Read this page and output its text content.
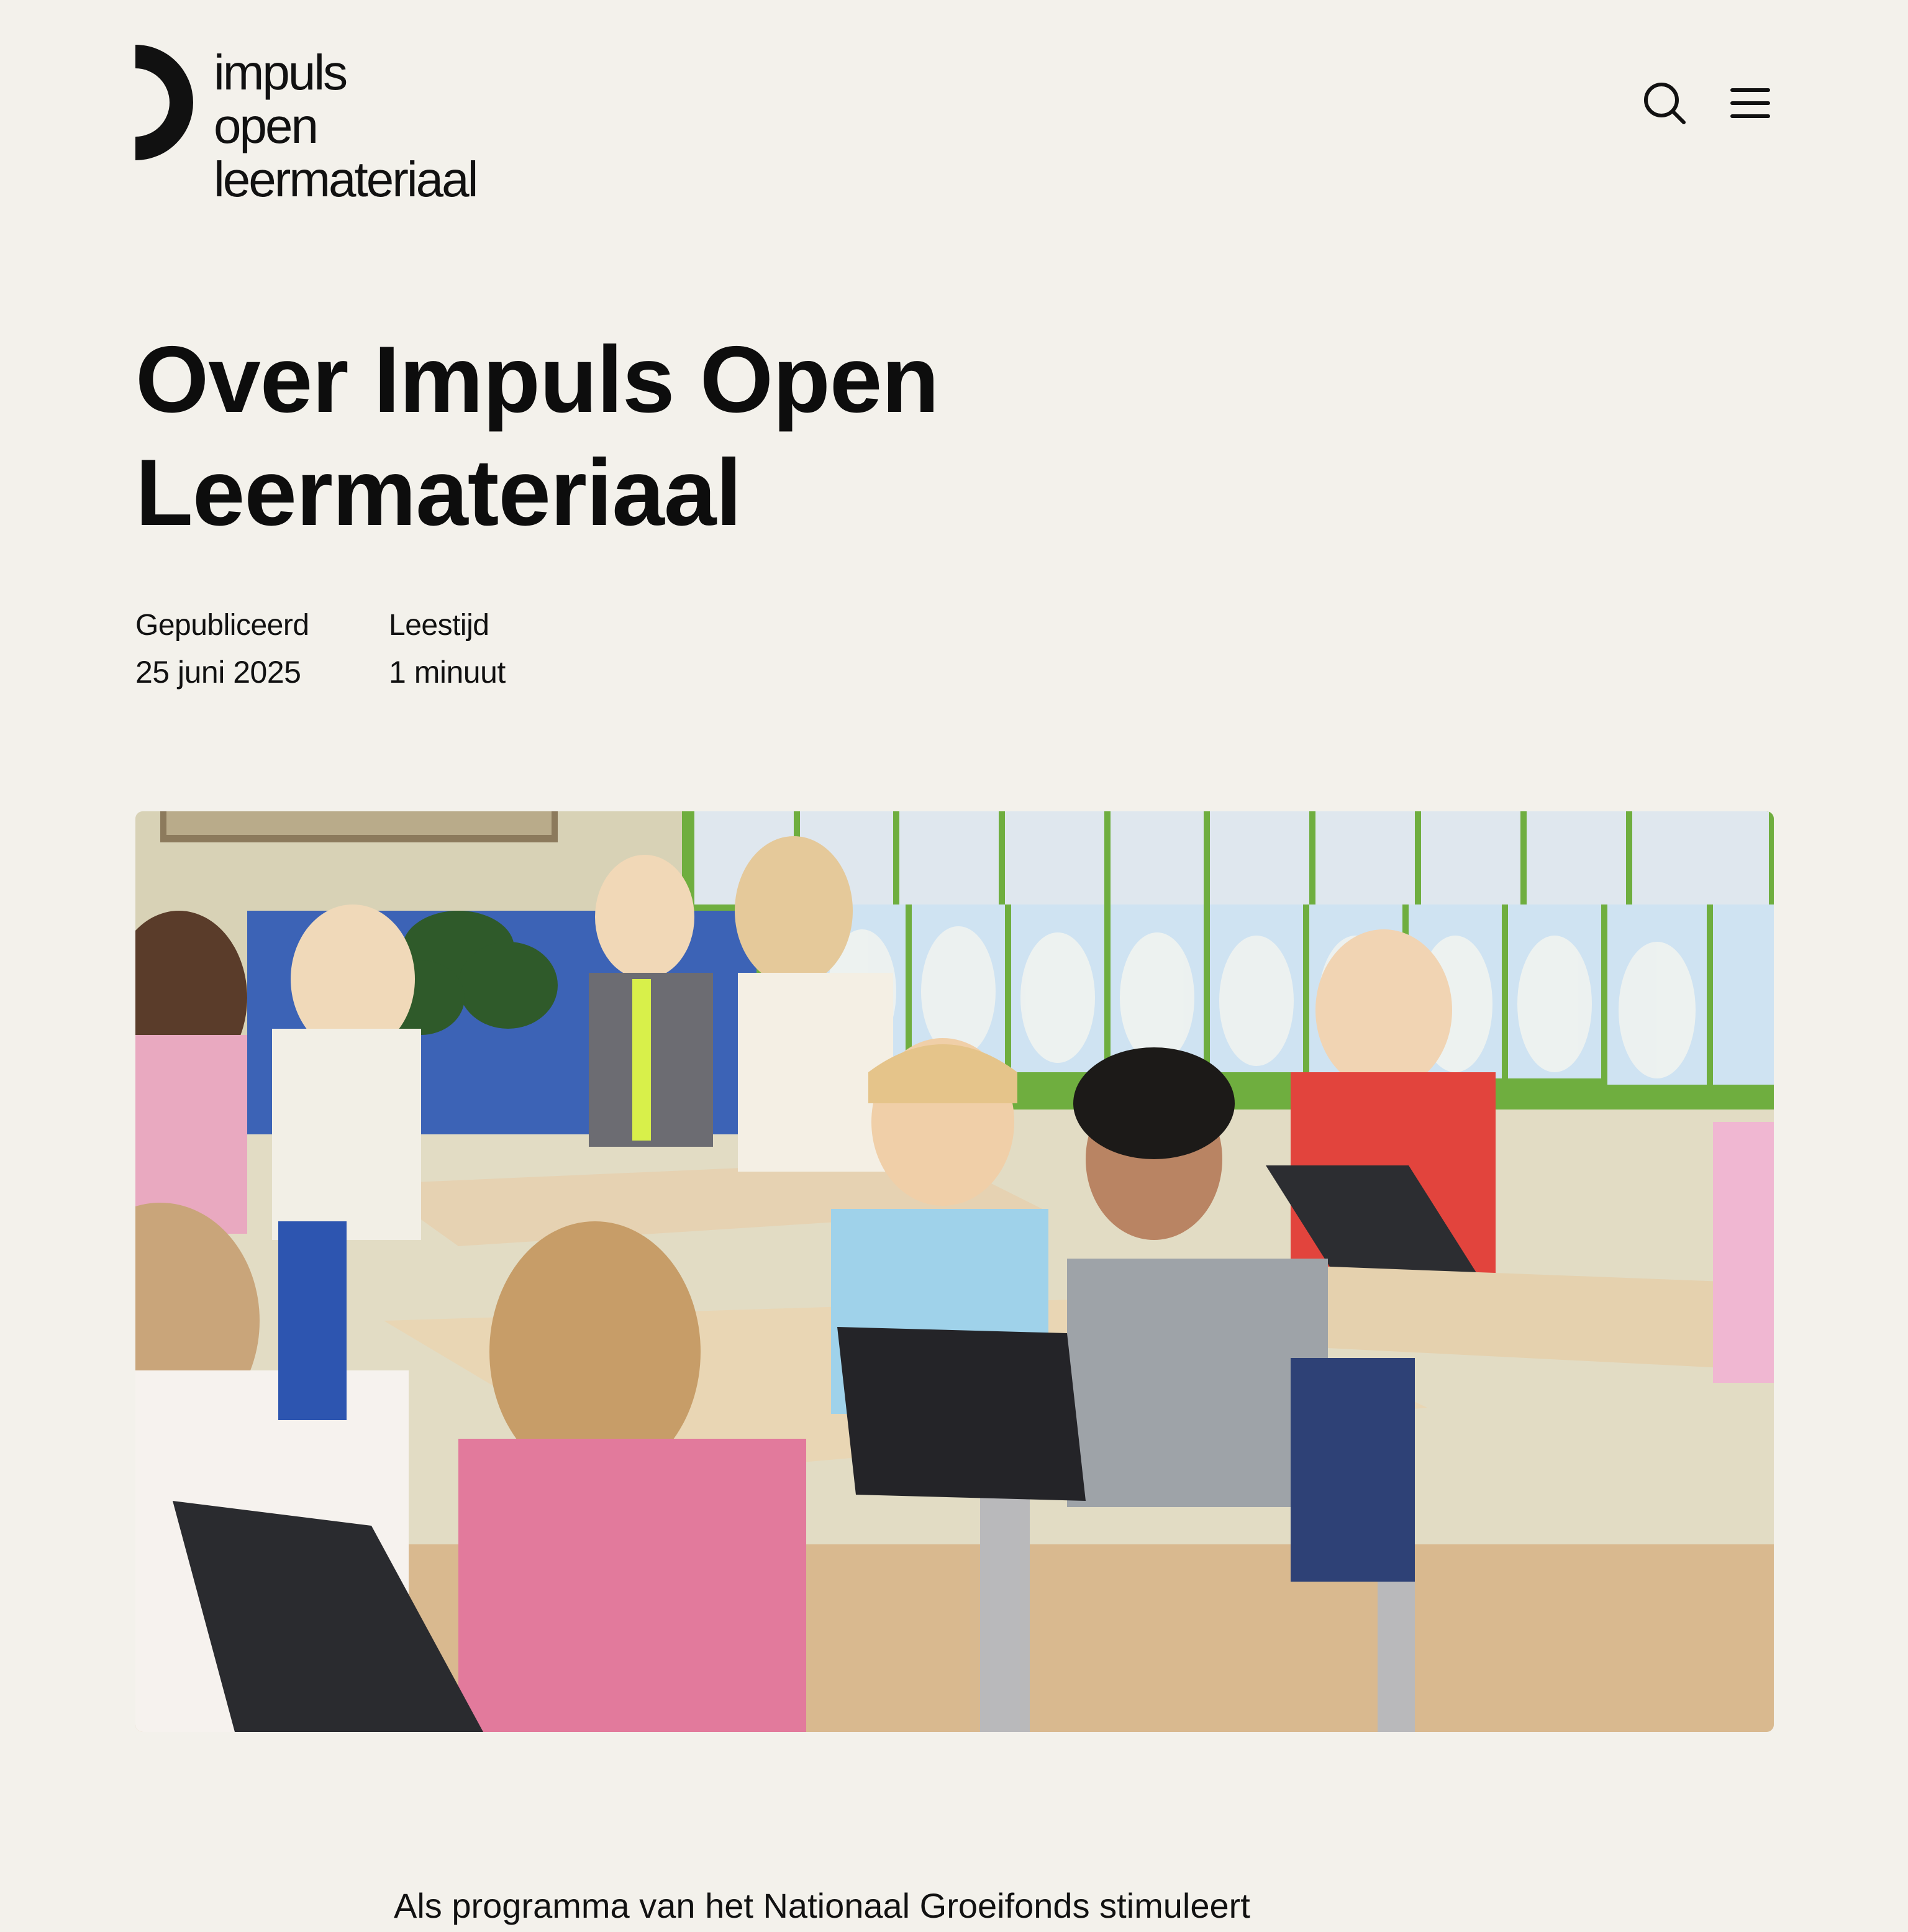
impuls
open
leermateriaal
Over Impuls Open Leermateriaal
Gepubliceerd
25 juni 2025
Leestijd
1 minuut

Als programma van het Nationaal Groeifonds stimuleert
